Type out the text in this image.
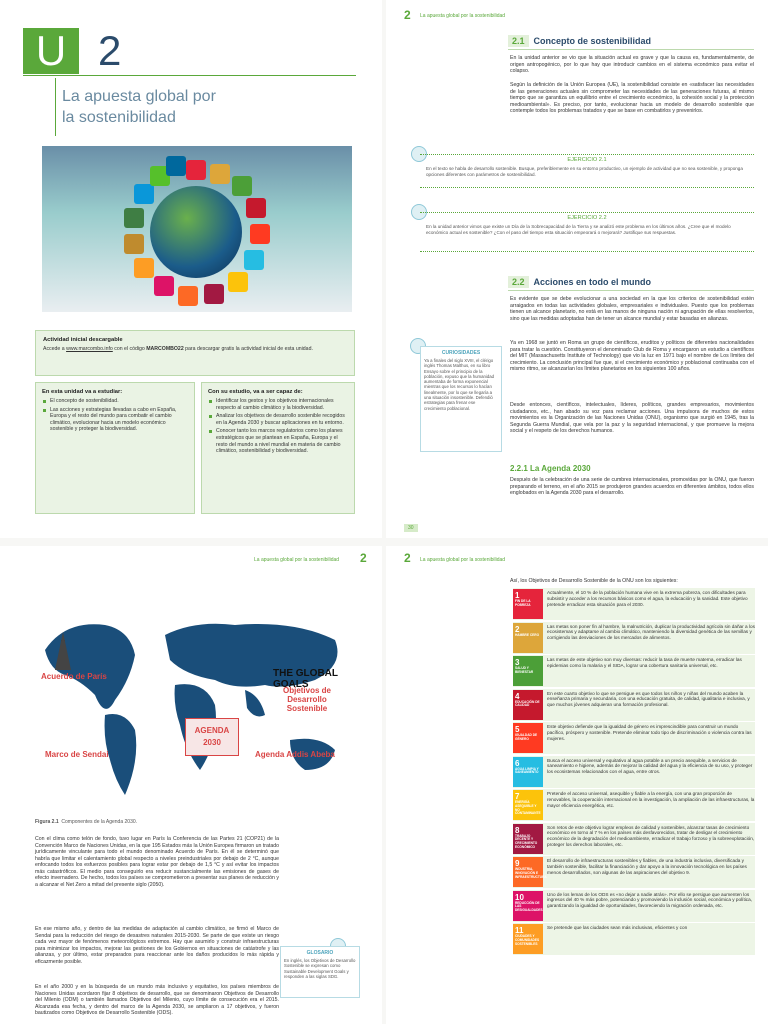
U 2
La apuesta global por
la sostenibilidad
Actividad inicial descargable

Accede a www.marcombo.info con el código MARCOMBO22 para descargar gratis la actividad inicial de esta unidad.

En esta unidad va a estudiar:
El concepto de sostenibilidad.
Las acciones y estrategias llevadas a cabo en España, Europa y el resto del mundo para combatir el cambio climático, evolucionar hacia un modelo económico sostenible y proteger la biodiversidad.
Con su estudio, va a ser capaz de:
Identificar los gestos y los objetivos internacionales respecto al cambio climático y la biodiversidad.
Analizar los objetivos de desarrollo sostenible recogidos en la Agenda 2030 y buscar aplicaciones en tu entorno.
Conocer tanto los marcos regulatorios como los planes estratégicos que se plantean en España, Europa y el resto del mundo a nivel mundial en materia de cambio climático, sostenibilidad y biodiversidad.
2 La apuesta global por la sostenibilidad
2.1	Concepto de sostenibilidad
En la unidad anterior se vio que la situación actual es grave y que la causa es, fundamentalmente, de origen antropogénico, por lo que hay que introducir cambios en el sistema económico para evitar el colapso.
Según la definición de la Unión Europea (UE), la sostenibilidad consiste en «satisfacer las necesidades de las generaciones actuales sin comprometer las necesidades de las generaciones futuras, al mismo tiempo que se garantiza un equilibrio entre el crecimiento económico, la cohesión social y la protección medioambiental». Es preciso, por tanto, evolucionar hacia un modelo de desarrollo sostenible que contemple todos los problemas tratados y que se base en combatirlos y prevenirlos.
EJERCICIO 2.1
En el texto se habla de desarrollo sostenible. Busque, preferiblemente en su entorno productivo, un ejemplo de actividad que no sea sostenible, y proponga opciones diferentes con parámetros de sostenibilidad.
EJERCICIO 2.2
En la unidad anterior vimos que existe un Día de la Sobrecapacidad de la Tierra y se analizó este problema en los últimos años. ¿Cree que el modelo económico actual es sostenible? ¿Con el paso del tiempo esta situación empeorará o mejorará? Justifique sus respuestas.
2.2	Acciones en todo el mundo
Es evidente que se debe evolucionar a una sociedad en la que los criterios de sostenibilidad estén arraigados en todas las actividades globales, empresariales e individuales. Puesto que los problemas tienen un alcance planetario, no está en las manos de ninguna nación ni agrupación de ellas resolverlos, sino que las medidas adoptadas han de tener un alcance mundial y estar basadas en alianzas.
Ya en 1968 se juntó en Roma un grupo de científicos, eruditos y políticos de diferentes nacionalidades para tratar la cuestión. Constituyeron el denominado Club de Roma y encargaron un estudio a científicos del MIT (Massachusetts Institute of Technology) que vio la luz en 1971 bajo el nombre de Los límites del crecimiento. La conclusión principal fue que, si el crecimiento económico y poblacional continuaba con el mismo ritmo, se alcanzarían los límites planetarios en los siguientes 100 años.
Desde entonces, científicos, intelectuales, líderes, políticos, grandes empresarios, movimientos ciudadanos, etc., han abado su voz para reclamar acciones. Una impulsora de muchos de estos movimientos es la Organización de las Naciones Unidas (ONU), organismo que surgió en 1945, tras la Segunda Guerra Mundial, que vela por la paz y la seguridad internacional, y que promueve la mejora social y el respeto de los derechos humanos.
CURIOSIDADES
Ya a finales del siglo XVIII, el clérigo inglés Thomas Malthus, en su libro Ensayo sobre el principio de la población, expuso que la humanidad aumentaba de forma exponencial mientras que los recursos lo hacían linealmente, por lo que se llegaría a una situación insostenible. Defendió estrategias para frenar ese crecimiento poblacional.
2.2.1 La Agenda 2030
Después de la celebración de una serie de cumbres internacionales, promovidas por la ONU, que fueron preparando el terreno, en el año 2015 se produjeron grandes acuerdos en diferentes ámbitos, todos ellos englobados en la Agenda 2030 para el desarrollo.
30
La apuesta global por la sostenibilidad 2
THE GLOBAL GOALS
Acuerdo de París
Objetivos de Desarrollo Sostenible
AGENDA 2030
Marco de Sendai	Agenda Addis Abeba
Figura 2.1 Componentes de la Agenda 2030.
Con el clima como telón de fondo, tuvo lugar en París la Conferencia de las Partes 21 (COP21) de la Convención Marco de Naciones Unidas, en la que 195 Estados más la Unión Europea firmaron un tratado jurídicamente vinculante para todo el mundo denominado Acuerdo de París. En él se determinó que habría que limitar el calentamiento global respecto a niveles preindustriales por debajo de 2 °C, aunque enfocando todos los esfuerzos posibles para lograr estar por debajo de 1,5 °C y así evitar los impactos más catastróficos. El medio para conseguirlo era reducir sustancialmente las emisiones de gases de efecto invernadero. De hecho, todos los países se comprometieron a presentar sus planes de reducción y a alcanzar el Net Zero a mitad del presente siglo (2050).
En ese mismo año, y dentro de las medidas de adaptación al cambio climático, se firmó el Marco de Sendai para la reducción del riesgo de desastres naturales 2015-2030. Se parte de que existe un riesgo cada vez mayor de fenómenos meteorológicos extremos. Hay que asumirlo y construir infraestructuras para minimizar los impactos, mejorar las gestiones de los Gobiernos en situaciones de catástrofe y las alianzas, y por último, estar preparados para reaccionar ante los daños producidos lo más rápida y eficazmente posible.
En el año 2000 y en la búsqueda de un mundo más inclusivo y equitativo, los países miembros de Naciones Unidas acordaron fijar 8 objetivos de desarrollo, que se denominaron Objetivos de Desarrollo del Milenio (ODM) o también llamados Objetivos del Milenio, cuyo límite de consecución era el 2015. Alcanzada esa fecha, y dentro del marco de la Agenda 2030, se ampliaron a 17 objetivos, y fueron bautizados como Objetivos de Desarrollo Sostenible (ODS).
GLOSARIO
En inglés, los Objetivos de Desarrollo Sostenible se expresan como Sustainable Development Goals y responden a las siglas SDG.
2 La apuesta global por la sostenibilidad
Así, los Objetivos de Desarrollo Sostenible de la ONU son los siguientes:
1
FIN DE LA POBREZA
Actualmente, el 10 % de la población humana vive en la extrema pobreza, con dificultades para subsistir y acceder a los recursos básicos como el agua, la educación y la sanidad. Este objetivo pretende erradicar esta situación para el 2030.
2
HAMBRE CERO
Las metas son poner fin al hambre, la malnutrición, duplicar la productividad agrícola sin dañar a los ecosistemas y adaptarse al cambio climático, manteniendo la diversidad genética de las semillas y corrigiendo las desviaciones de los mercados de alimentos.
3
SALUD Y BIENESTAR
Las metas de este objetivo son muy diversas: reducir la tasa de muerte materna, erradicar las epidemias como la malaria y el SIDA, lograr una cobertura sanitaria universal, etc.
4
EDUCACIÓN DE CALIDAD
En este cuarto objetivo lo que se persigue es que todos los niños y niñas del mundo acaben la enseñanza primaria y secundaria, con una educación gratuita, de calidad, igualitaria e inclusiva, y que muchos jóvenes adquieran una formación profesional.
5
IGUALDAD DE GÉNERO
Este objetivo defiende que la igualdad de género es imprescindible para construir un mundo pacífico, próspero y sostenible. Pretende eliminar todo tipo de discriminación o violencia contra las mujeres.
6
AGUA LIMPIA Y SANEAMIENTO
Busca el acceso universal y equitativo al agua potable a un precio asequible, a servicios de saneamiento e higiene, además de mejorar la calidad del agua y la eficiencia de su uso, y proteger los ecosistemas relacionados con el agua, entre otros.
7
ENERGÍA ASEQUIBLE Y NO CONTAMINANTE
Pretende el acceso universal, asequible y fiable a la energía, con una gran proporción de renovables, la cooperación internacional en la investigación, la ampliación de las infraestructuras, la mayor eficiencia energética, etc.
8
TRABAJO DECENTE Y CRECIMIENTO ECONÓMICO
Son retos de este objetivo lograr empleos de calidad y sostenibles, alcanzar tasas de crecimiento económico en torno al 7 % en los países más desfavorecidos, tratar de desligar el crecimiento económico de la degradación del medioambiente, erradicar el trabajo forzoso y la sobreexplotación, proteger los derechos laborales, etc.
9
INDUSTRIA, INNOVACIÓN E INFRAESTRUCTURA
El desarrollo de infraestructuras sostenibles y fiables, de una industria inclusiva, diversificada y también sostenible, facilitar la financiación y dar apoyo a la innovación tecnológica en los países menos desarrollados, son algunas de las aspiraciones del objetivo 9.
10
REDUCCIÓN DE LAS DESIGUALDADES
Uno de los lemas de los ODS es «no dejar a nadie atrás». Por ello se persigue que aumenten los ingresos del 40 % más pobre, potenciando y promoviendo la inclusión social, económica y política, garantizando la igualdad de oportunidades, favoreciendo la migración ordenada, etc.
11
CIUDADES Y COMUNIDADES SOSTENIBLES
Se pretende que las ciudades sean más inclusivas, eficientes y con
